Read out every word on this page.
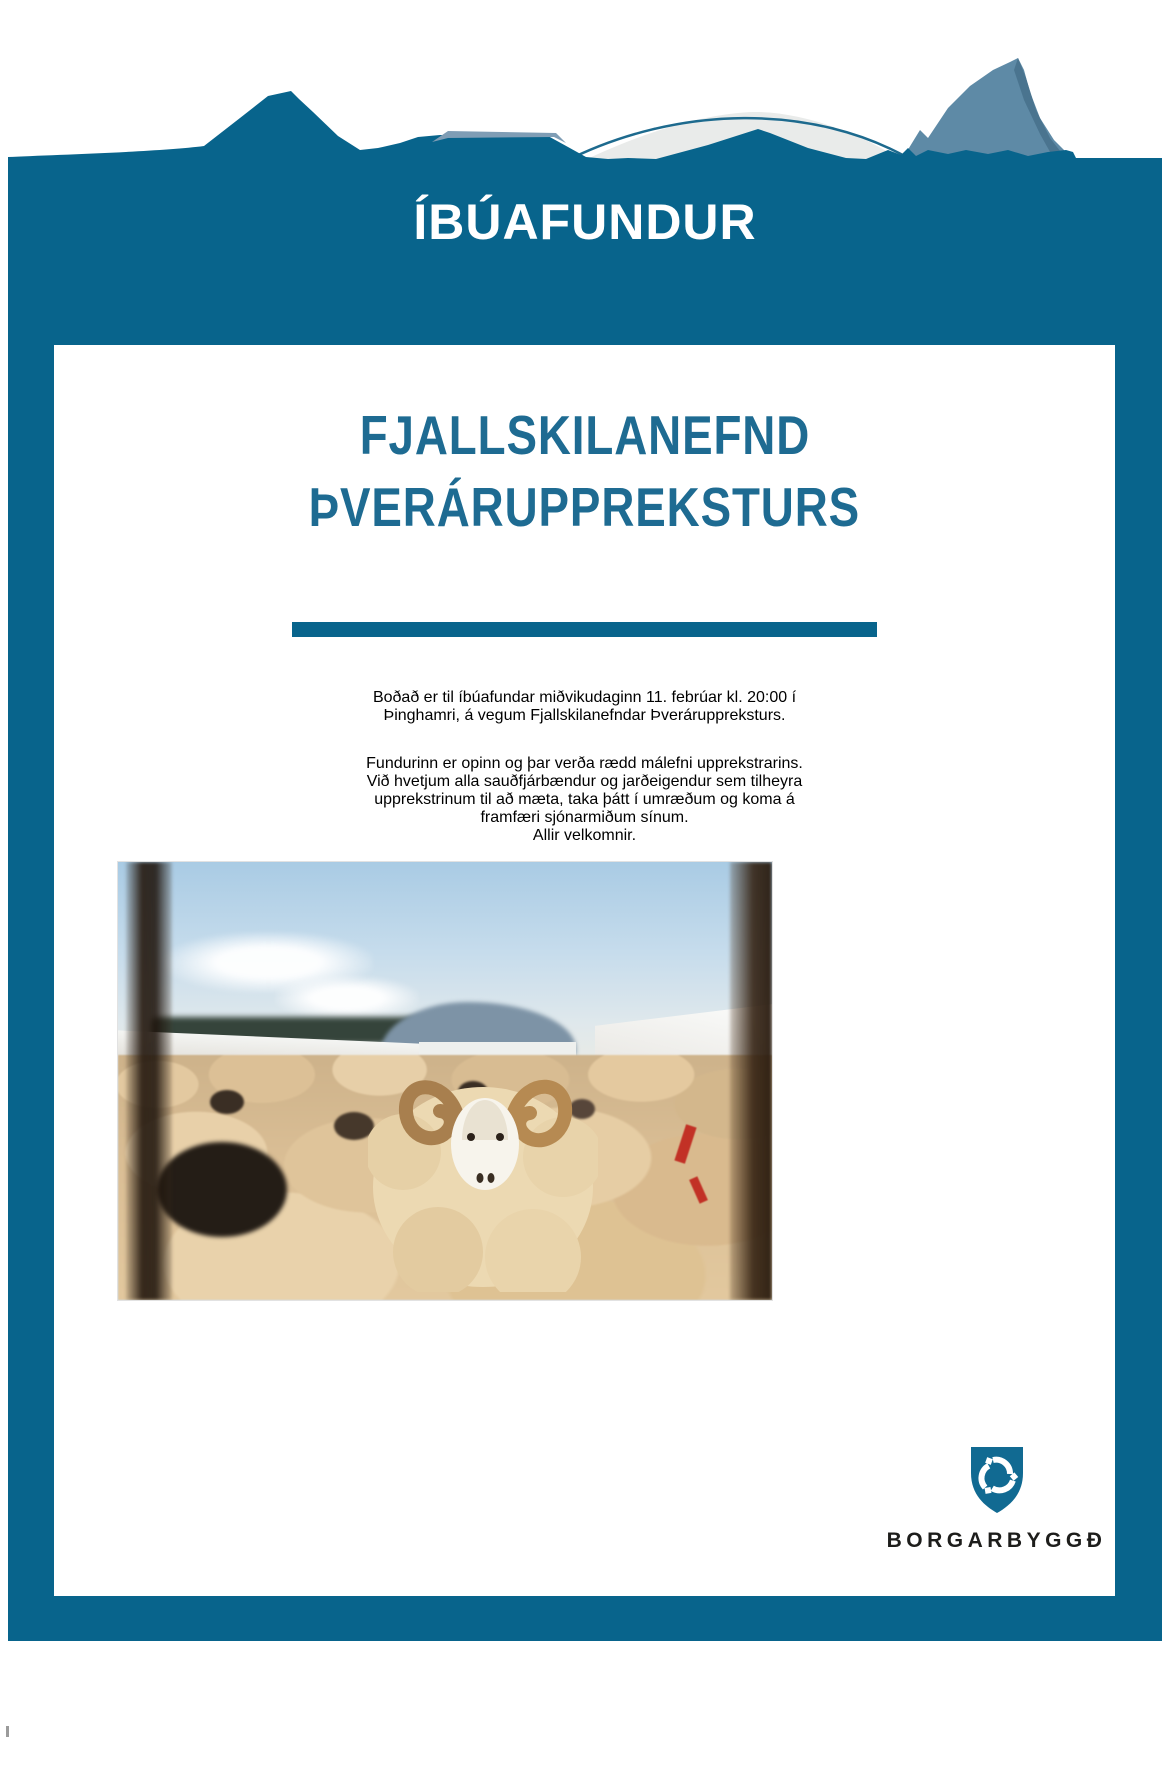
ÍBÚAFUNDUR
FJALLSKILANEFND
ÞVERÁRUPPREKSTURS

Boðað er til íbúafundar miðvikudaginn 11. febrúar kl. 20:00 í
Þinghamri, á vegum Fjallskilanefndar Þveráruppreksturs.

Fundurinn er opinn og þar verða rædd málefni upprekstrarins.
Við hvetjum alla sauðfjárbændur og jarðeigendur sem tilheyra
upprekstrinum til að mæta, taka þátt í umræðum og koma á
framfæri sjónarmiðum sínum.
Allir velkomnir.

BORGARBYGGÐ
